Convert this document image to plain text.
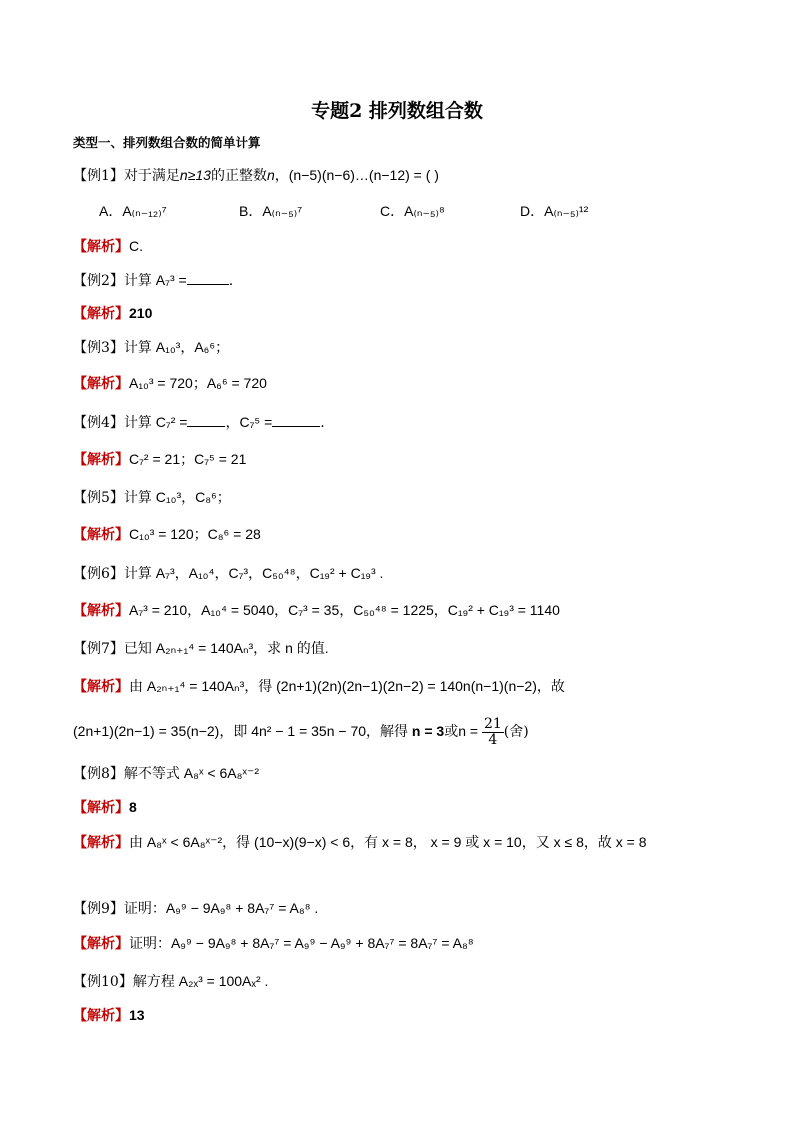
专题2 排列数组合数
类型一、排列数组合数的简单计算
【例1】对于满足n≥13的正整数n，(n−5)(n−6)…(n−12) = ( )
A．A₍ₙ₋₁₂₎⁷	B．A₍ₙ₋₅₎⁷	C．A₍ₙ₋₅₎⁸	D．A₍ₙ₋₅₎¹²
【解析】C.
【例2】计算 A₇³ =	.
【解析】210
【例3】计算 A₁₀³，A₆⁶；
【解析】A₁₀³ = 720；A₆⁶ = 720
【例4】计算 C₇² =	，C₇⁵ =	.
【解析】C₇² = 21；C₇⁵ = 21
【例5】计算 C₁₀³，C₈⁶；
【解析】C₁₀³ = 120；C₈⁶ = 28
【例6】计算 A₇³，A₁₀⁴，C₇³，C₅₀⁴⁸，C₁₉² + C₁₉³ .
【解析】A₇³ = 210，A₁₀⁴ = 5040，C₇³ = 35，C₅₀⁴⁸ = 1225，C₁₉² + C₁₉³ = 1140
【例7】已知 A₂ₙ₊₁⁴ = 140Aₙ³，求 n 的值.
【解析】由 A₂ₙ₊₁⁴ = 140Aₙ³，得 (2n+1)(2n)(2n−1)(2n−2) = 140n(n−1)(n−2)，故
(2n+1)(2n−1) = 35(n−2)，即 4n² − 1 = 35n − 70，解得 n = 3或$n = \frac{21}{4}$ (舍)
【例8】解不等式 A₈ˣ < 6A₈ˣ⁻²
【解析】8
【解析】由 A₈ˣ < 6A₈ˣ⁻²，得 (10−x)(9−x) < 6，有 x = 8， x = 9 或 x = 10，又 x ≤ 8，故 x = 8
【例9】证明：A₉⁹ − 9A₉⁸ + 8A₇⁷ = A₈⁸ .
【解析】证明：A₉⁹ − 9A₉⁸ + 8A₇⁷ = A₉⁹ − A₉⁹ + 8A₇⁷ = 8A₇⁷ = A₈⁸
【例10】解方程 A₂ₓ³ = 100Aₓ² .
【解析】13
